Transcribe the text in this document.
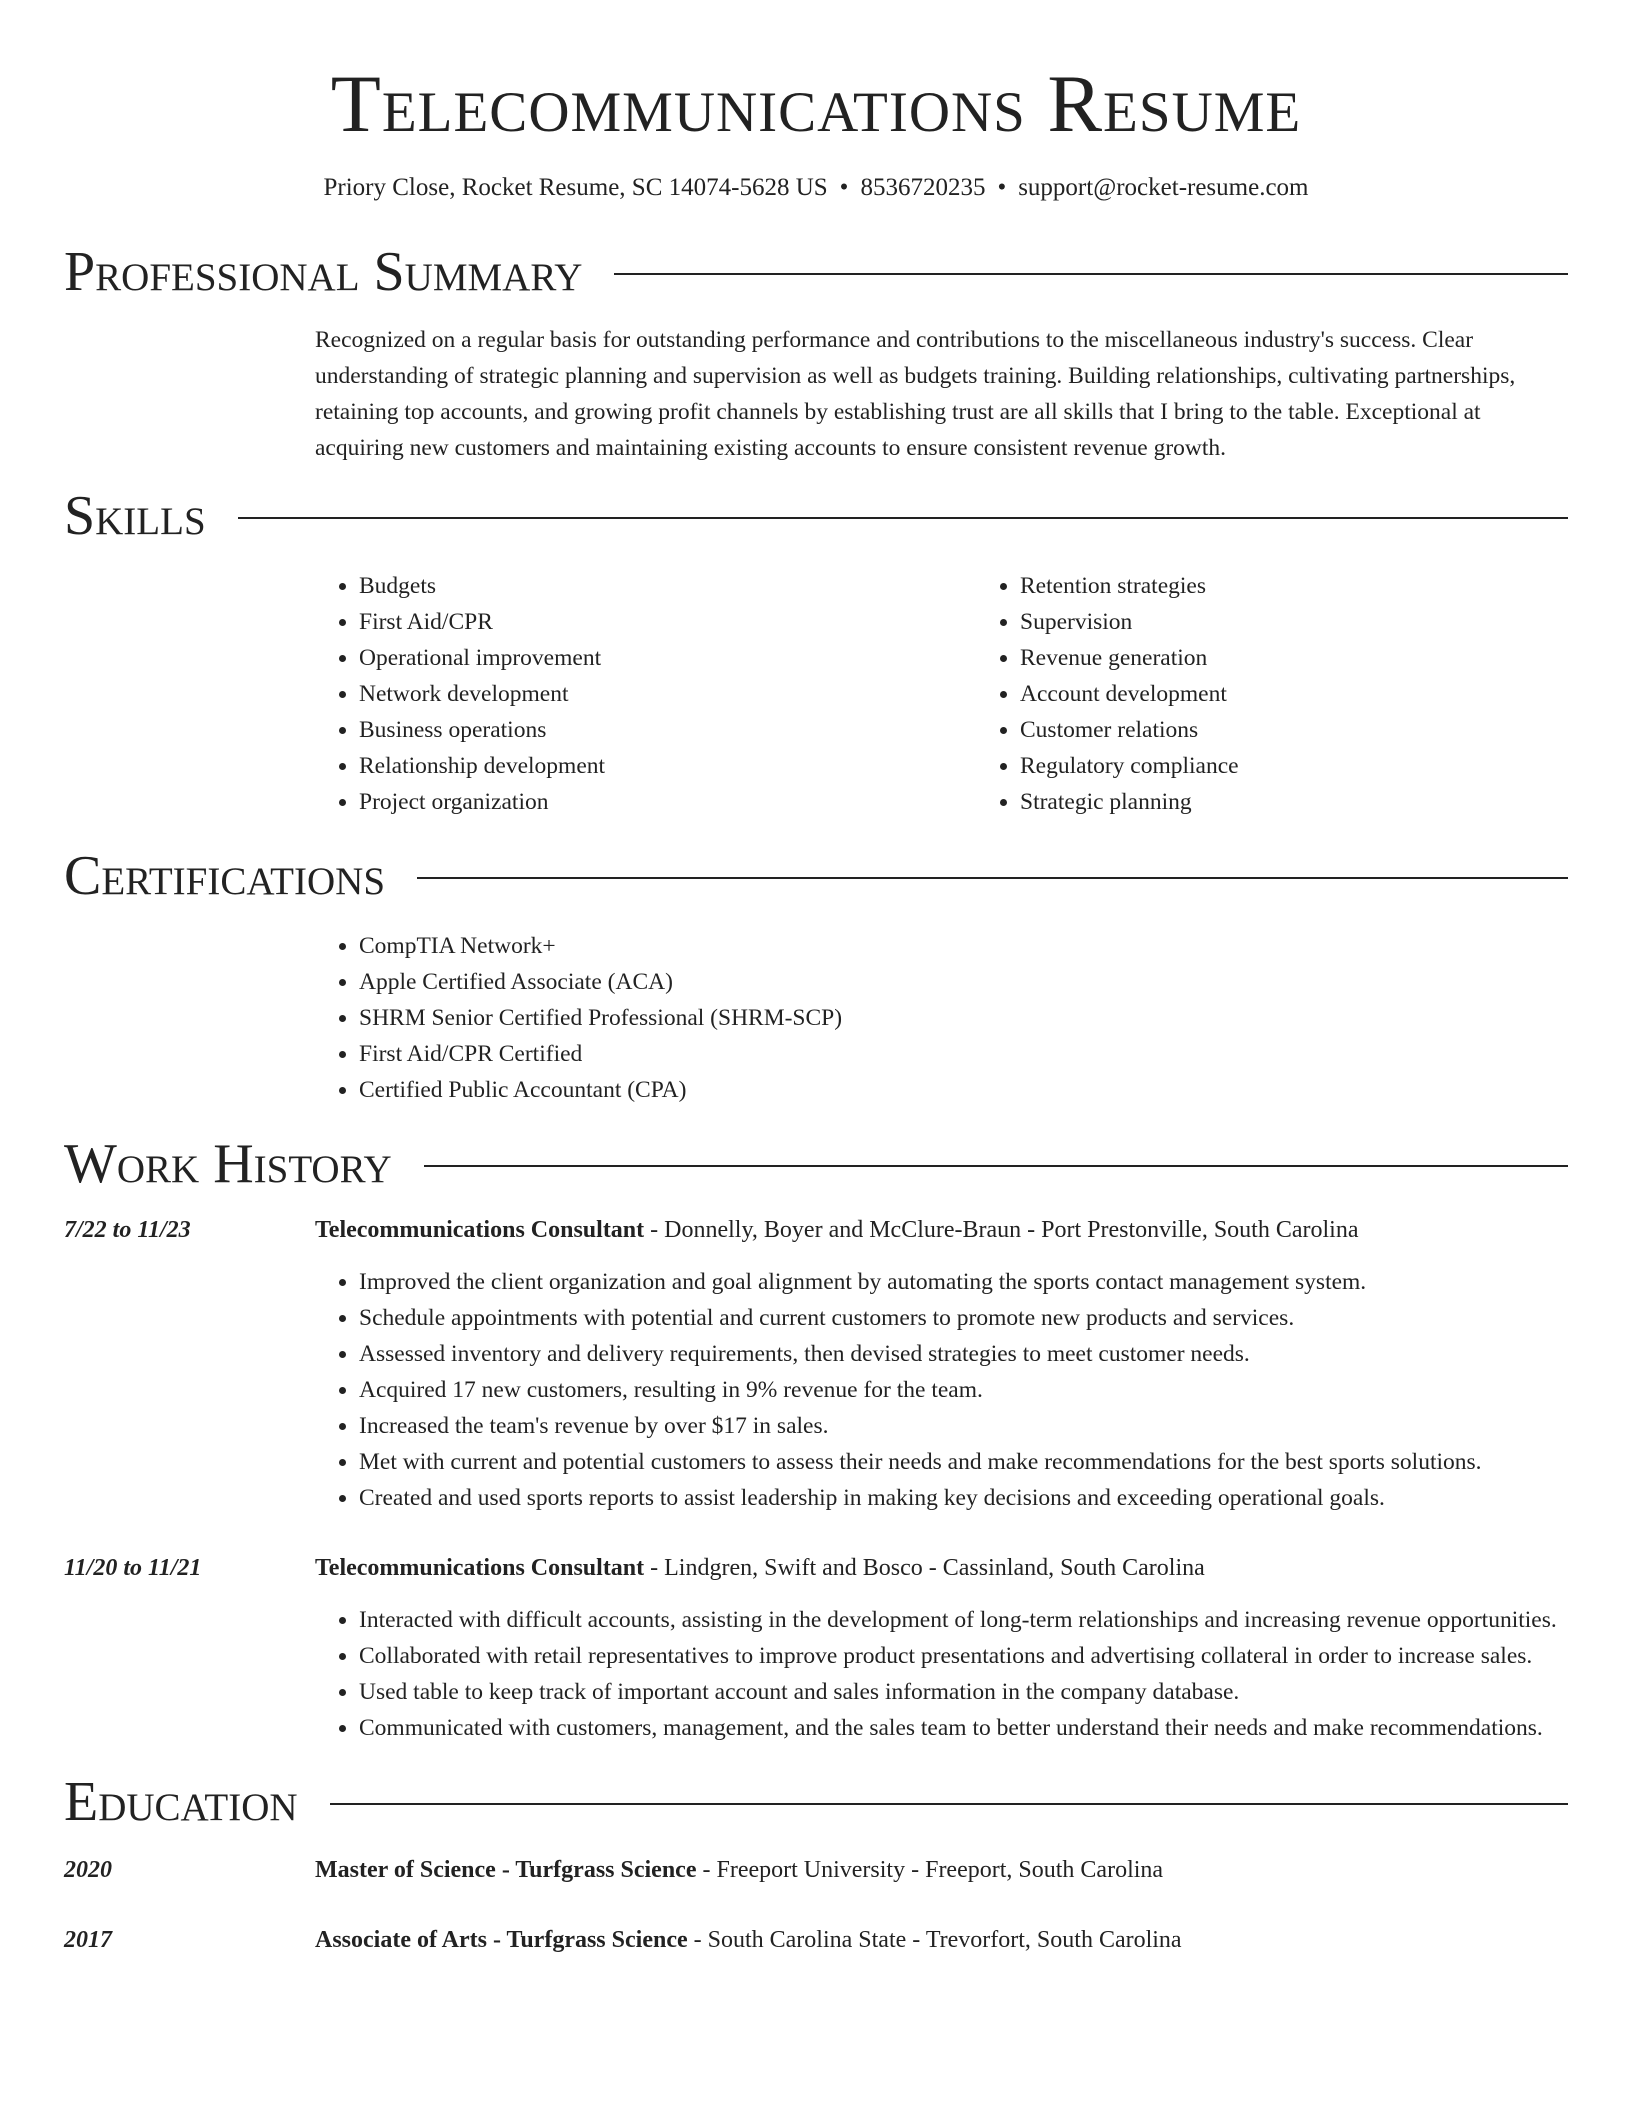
Telecommunications Resume
Priory Close, Rocket Resume, SC 14074-5628 US • 8536720235 • support@rocket-resume.com
Professional Summary

Recognized on a regular basis for outstanding performance and contributions to the miscellaneous industry's success. Clear understanding of strategic planning and supervision as well as budgets training. Building relationships, cultivating partnerships, retaining top accounts, and growing profit channels by establishing trust are all skills that I bring to the table. Exceptional at acquiring new customers and maintaining existing accounts to ensure consistent revenue growth.

Skills
• Budgets
• First Aid/CPR
• Operational improvement
• Network development
• Business operations
• Relationship development
• Project organization
• Retention strategies
• Supervision
• Revenue generation
• Account development
• Customer relations
• Regulatory compliance
• Strategic planning
Certifications
• CompTIA Network+
• Apple Certified Associate (ACA)
• SHRM Senior Certified Professional (SHRM-SCP)
• First Aid/CPR Certified
• Certified Public Accountant (CPA)
Work History
7/22 to 11/23	Telecommunications Consultant - Donnelly, Boyer and McClure-Braun - Port Prestonville, South Carolina
• Improved the client organization and goal alignment by automating the sports contact management system.
• Schedule appointments with potential and current customers to promote new products and services.
• Assessed inventory and delivery requirements, then devised strategies to meet customer needs.
• Acquired 17 new customers, resulting in 9% revenue for the team.
• Increased the team's revenue by over $17 in sales.
• Met with current and potential customers to assess their needs and make recommendations for the best sports solutions.
• Created and used sports reports to assist leadership in making key decisions and exceeding operational goals.
11/20 to 11/21	Telecommunications Consultant - Lindgren, Swift and Bosco - Cassinland, South Carolina
• Interacted with difficult accounts, assisting in the development of long-term relationships and increasing revenue opportunities.
• Collaborated with retail representatives to improve product presentations and advertising collateral in order to increase sales.
• Used table to keep track of important account and sales information in the company database.
• Communicated with customers, management, and the sales team to better understand their needs and make recommendations.
Education
2020	Master of Science - Turfgrass Science - Freeport University - Freeport, South Carolina
2017	Associate of Arts - Turfgrass Science - South Carolina State - Trevorfort, South Carolina
